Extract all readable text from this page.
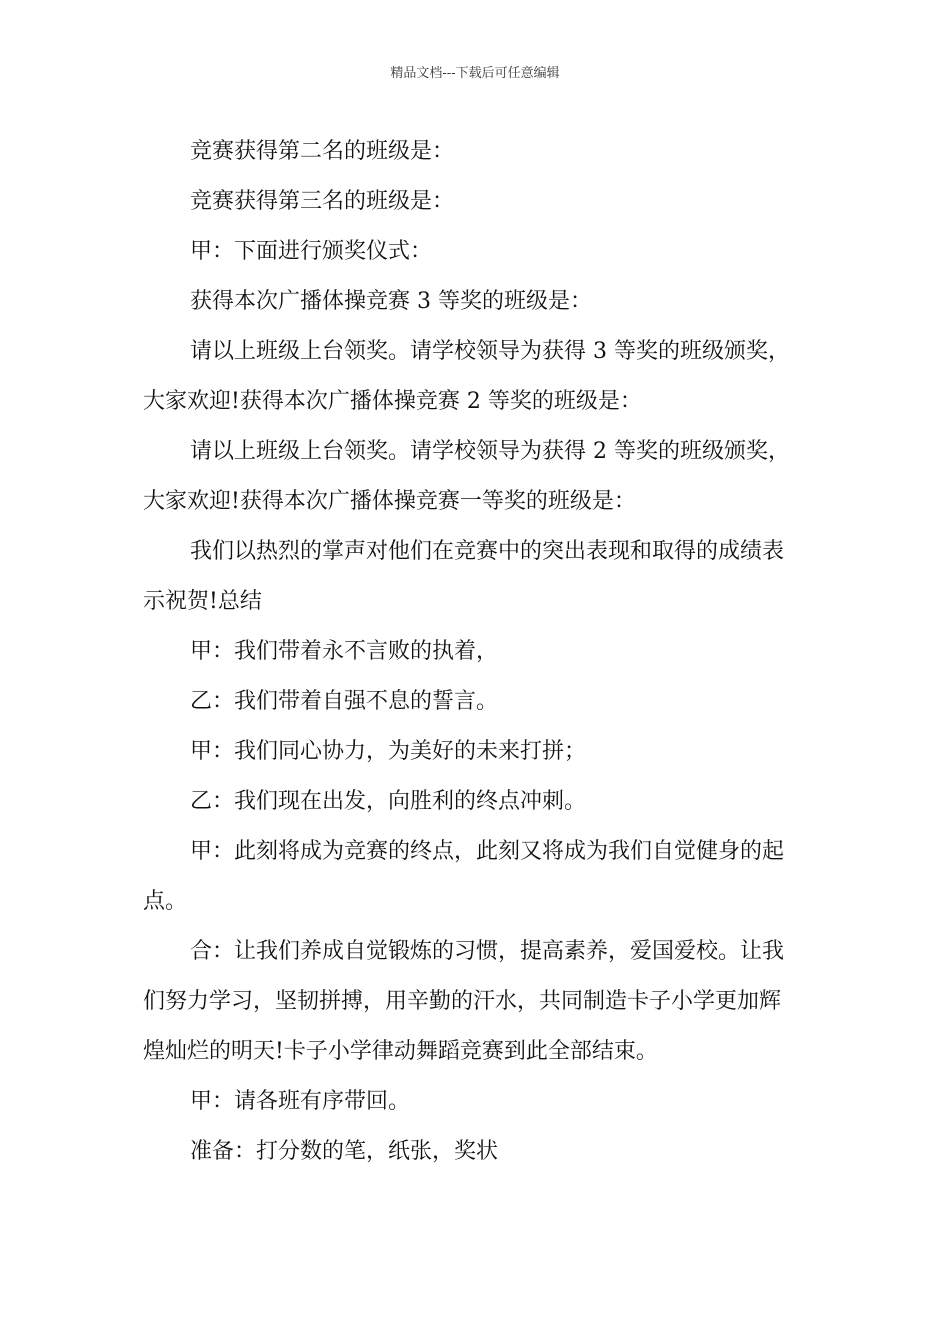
精品文档---下载后可任意编辑
竞赛获得第二名的班级是：
竞赛获得第三名的班级是：
甲：下面进行颁奖仪式：
获得本次广播体操竞赛 3 等奖的班级是：
请以上班级上台领奖。请学校领导为获得 3 等奖的班级颁奖，
大家欢迎!获得本次广播体操竞赛 2 等奖的班级是：
请以上班级上台领奖。请学校领导为获得 2 等奖的班级颁奖，
大家欢迎!获得本次广播体操竞赛一等奖的班级是：
我们以热烈的掌声对他们在竞赛中的突出表现和取得的成绩表
示祝贺!总结
甲：我们带着永不言败的执着，
乙：我们带着自强不息的誓言。
甲：我们同心协力，为美好的未来打拼；
乙：我们现在出发，向胜利的终点冲刺。
甲：此刻将成为竞赛的终点，此刻又将成为我们自觉健身的起
点。
合：让我们养成自觉锻炼的习惯，提高素养，爱国爱校。让我
们努力学习，坚韧拼搏，用辛勤的汗水，共同制造卡子小学更加辉
煌灿烂的明天!卡子小学律动舞蹈竞赛到此全部结束。
甲：请各班有序带回。
准备：打分数的笔，纸张，奖状
